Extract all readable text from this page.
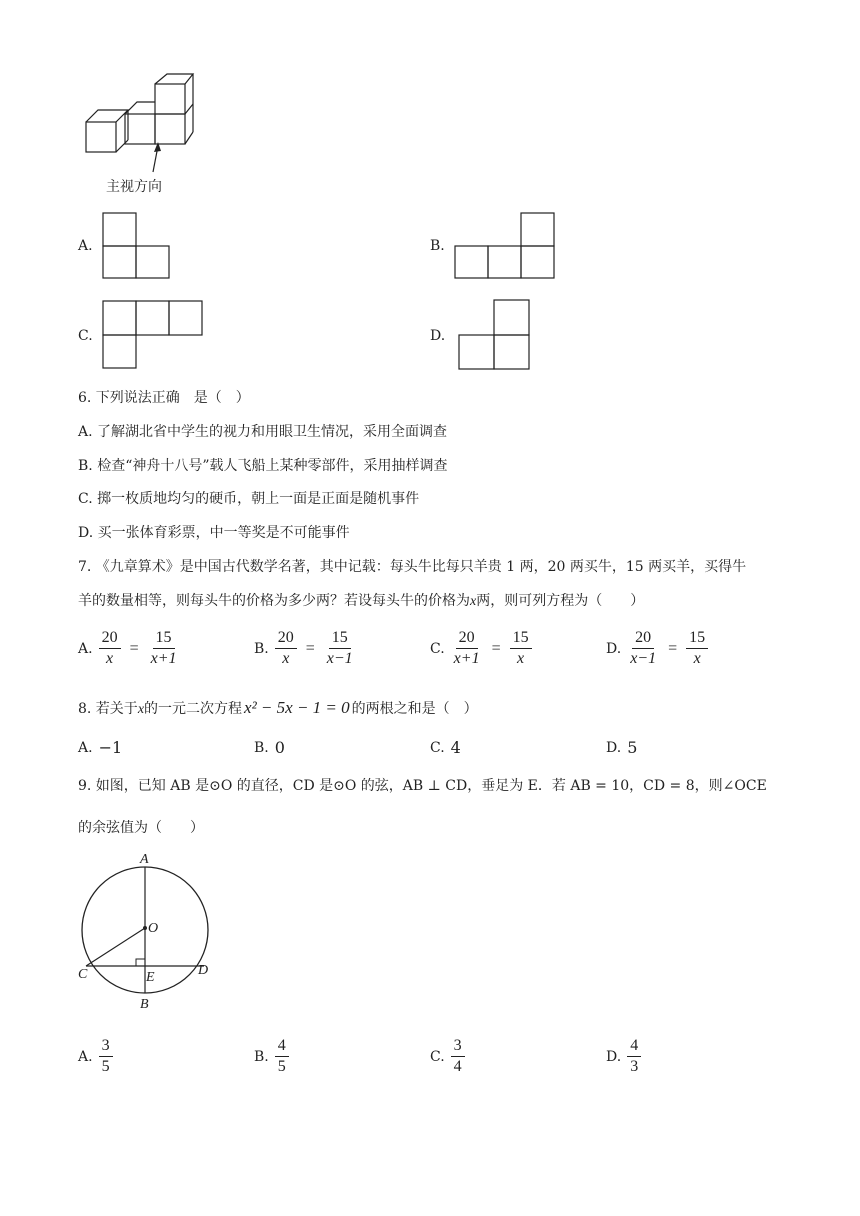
主视方向
A.	B.
C.	D.
6. 下列说法正确　是（　）
A. 了解湖北省中学生的视力和用眼卫生情况，采用全面调查
B. 检查“神舟十八号”载人飞船上某种零部件，采用抽样调查
C. 掷一枚质地均匀的硬币，朝上一面是正面是随机事件
D. 买一张体育彩票，中一等奖是不可能事件
7. 《九章算术》是中国古代数学名著，其中记载：每头牛比每只羊贵 1 两，20 两买牛，15 两买羊，买得牛
羊的数量相等，则每头牛的价格为多少两？若设每头牛的价格为x两，则可列方程为（　　）
A. $\frac{20}{x} = \frac{15}{x+1}$	B. $\frac{20}{x} = \frac{15}{x-1}$	C. $\frac{20}{x+1} = \frac{15}{x}$	D. $\frac{20}{x-1} = \frac{15}{x}$
8. 若关于x的一元二次方程 x² − 5x − 1 = 0 的两根之和是（　）
A. −1	B. 0	C. 4	D. 5
9. 如图，已知 AB 是⊙O 的直径，CD 是⊙O 的弦，AB ⊥ CD，垂足为 E．若 AB = 10，CD = 8，则∠OCE
的余弦值为（　　）
A
B
C	D
O
E
A. $\frac{3}{5}$	B. $\frac{4}{5}$	C. $\frac{3}{4}$	D. $\frac{4}{3}$
